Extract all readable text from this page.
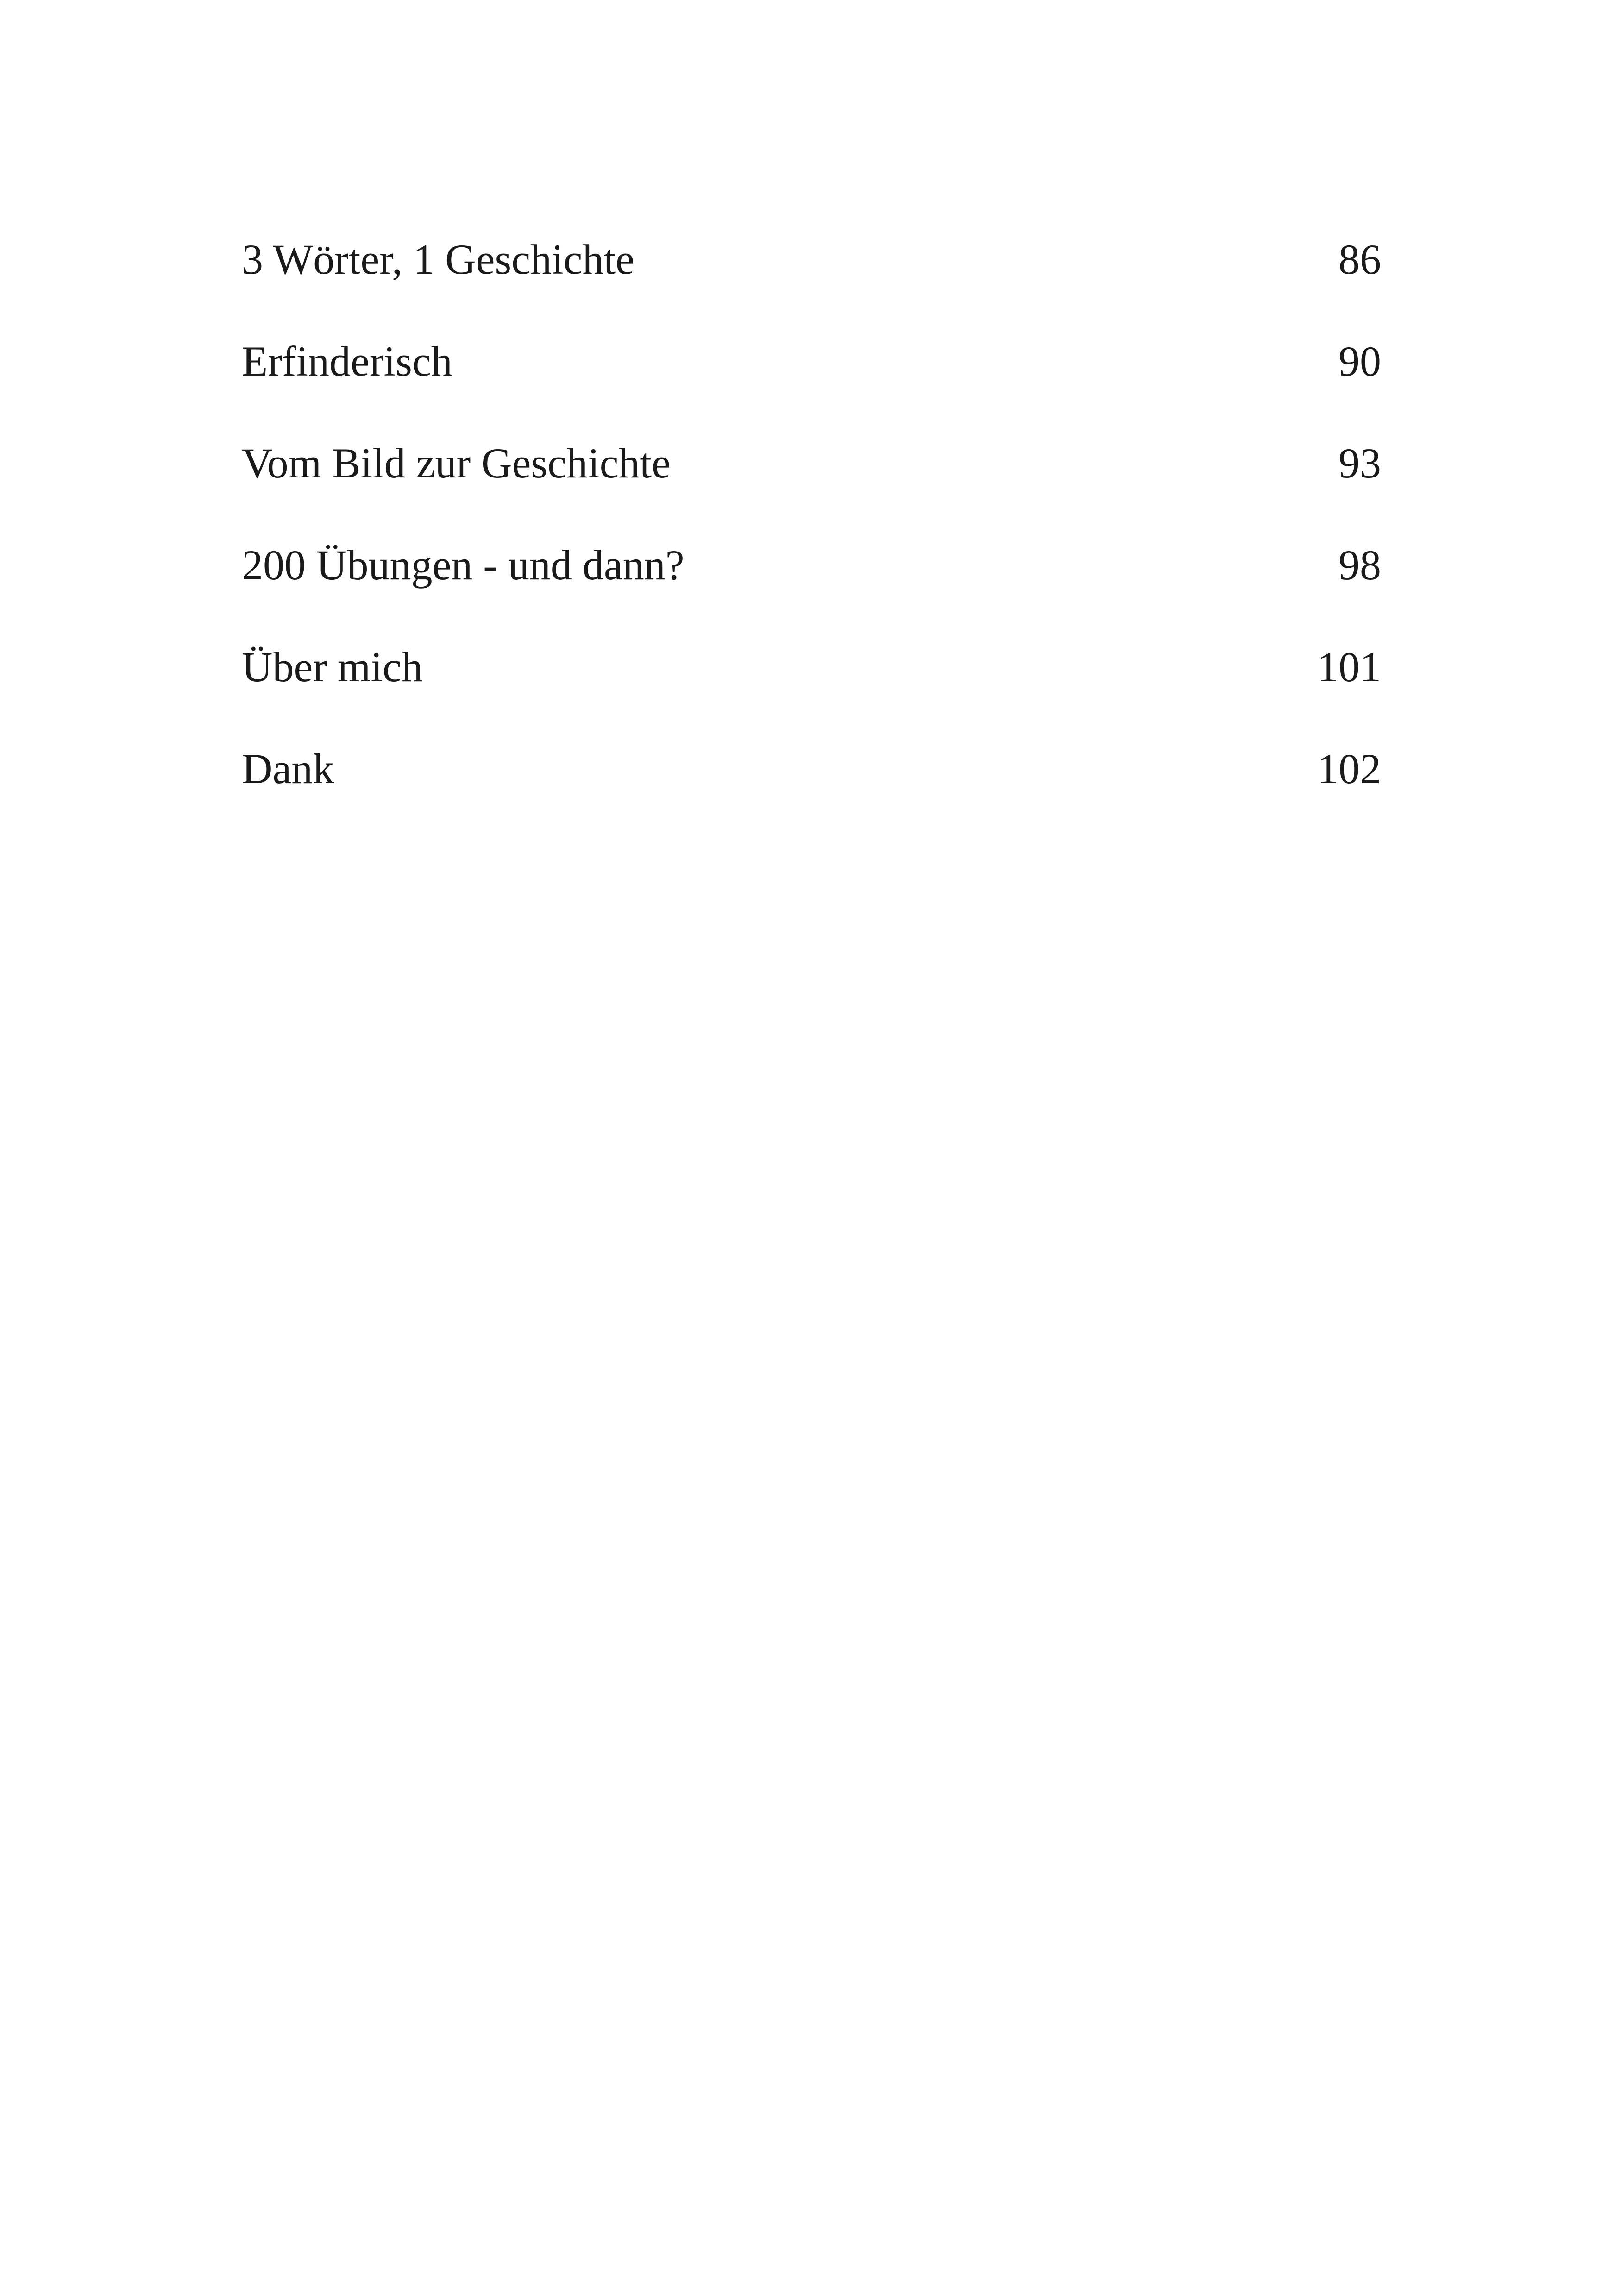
3 Wörter, 1 Geschichte	86
Erfinderisch	90
Vom Bild zur Geschichte	93
200 Übungen - und dann?	98
Über mich	101
Dank	102
